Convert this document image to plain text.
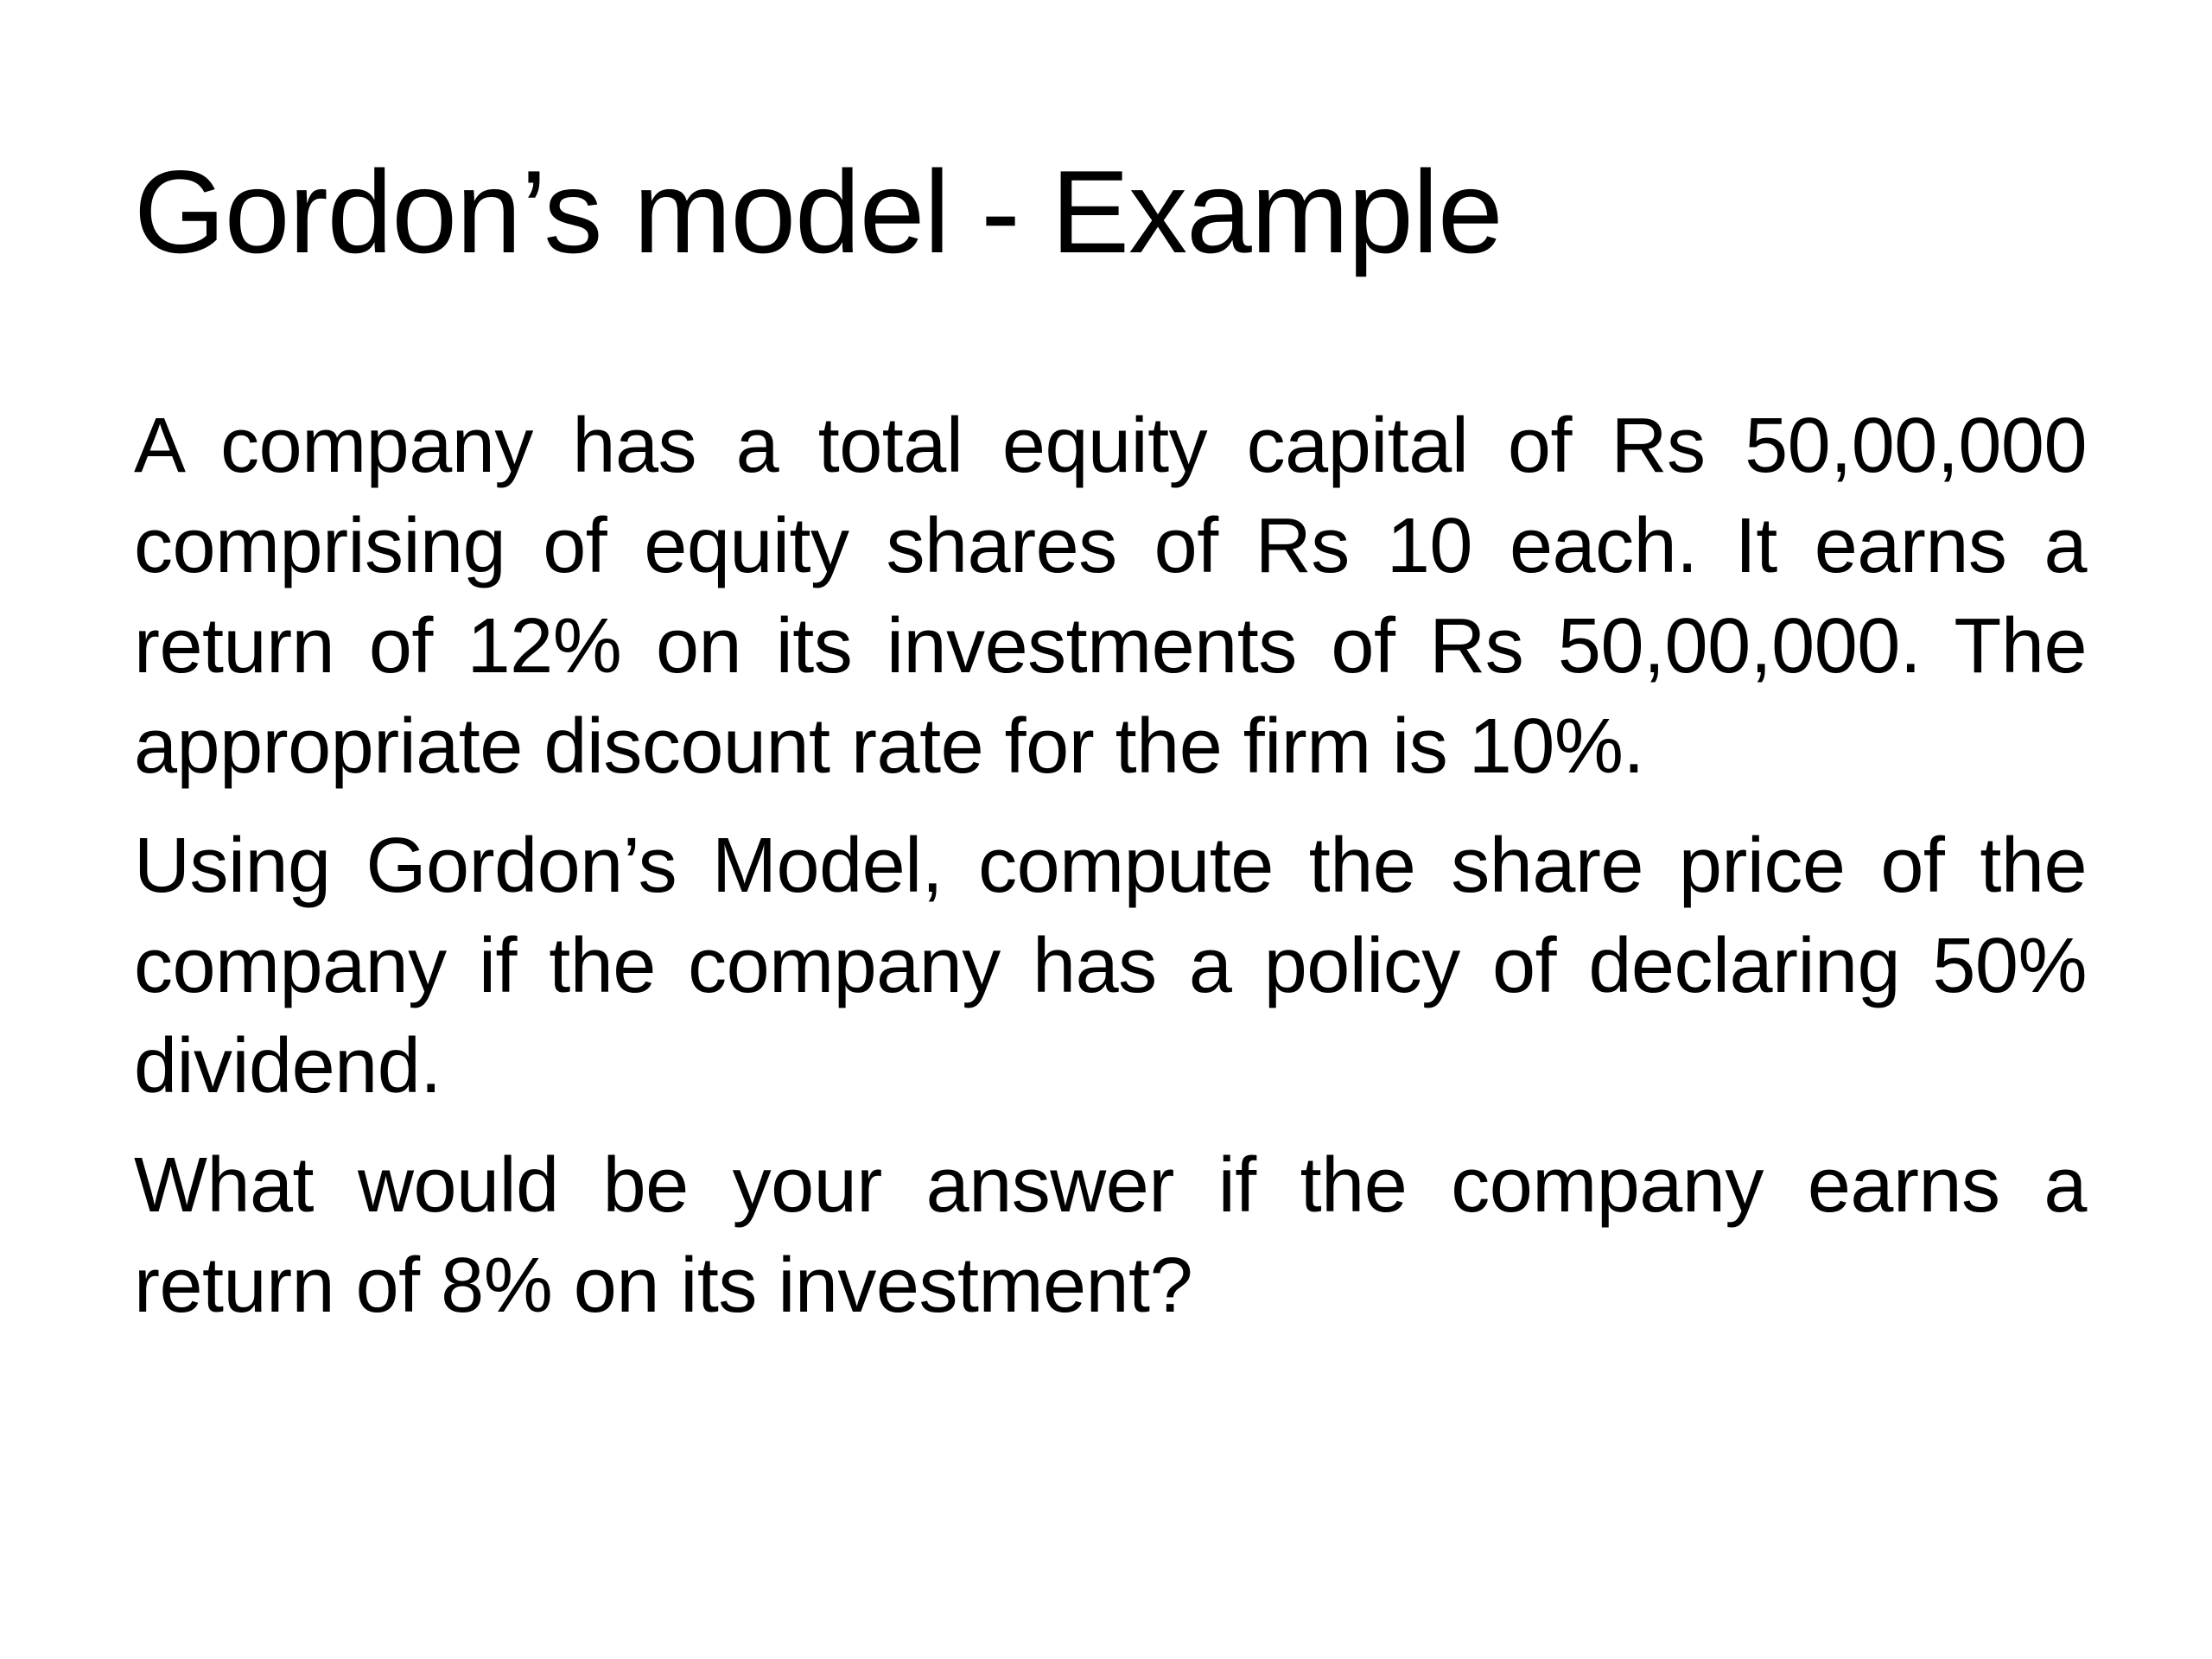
Gordon’s model - Example

A company has a total equity capital of Rs 50,00,000 comprising of equity shares of Rs 10 each. It earns a return of 12% on its investments of Rs 50,00,000. The appropriate discount rate for the firm is 10%.

Using Gordon’s Model, compute the share price of the company if the company has a policy of declaring 50% dividend.

What would be your answer if the company earns a return of 8% on its investment?
